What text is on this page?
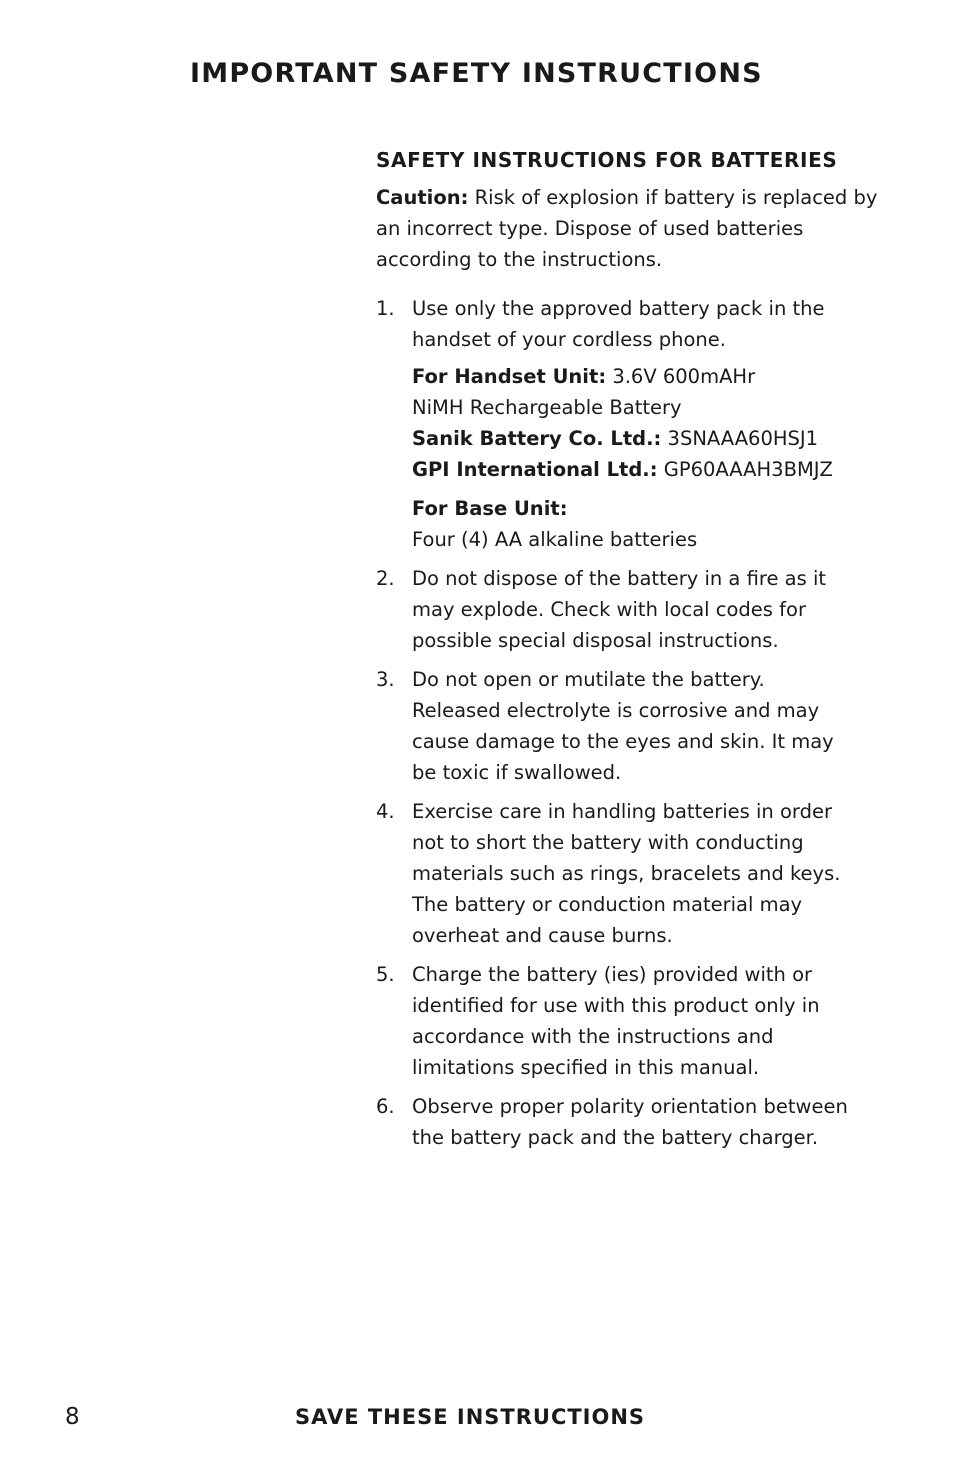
IMPORTANT SAFETY INSTRUCTIONS
SAFETY INSTRUCTIONS FOR BATTERIES

Caution: Risk of explosion if battery is replaced by
an incorrect type. Dispose of used batteries
according to the instructions.

1. Use only the approved battery pack in the
handset of your cordless phone.
For Handset Unit: 3.6V 600mAHr
NiMH Rechargeable Battery
Sanik Battery Co. Ltd.: 3SNAAA60HSJ1
GPI International Ltd.: GP60AAAH3BMJZ
For Base Unit:
Four (4) AA alkaline batteries
2. Do not dispose of the battery in a fire as it
may explode. Check with local codes for
possible special disposal instructions.
3. Do not open or mutilate the battery.
Released electrolyte is corrosive and may
cause damage to the eyes and skin. It may
be toxic if swallowed.
4. Exercise care in handling batteries in order
not to short the battery with conducting
materials such as rings, bracelets and keys.
The battery or conduction material may
overheat and cause burns.
5. Charge the battery (ies) provided with or
identified for use with this product only in
accordance with the instructions and
limitations specified in this manual.
6. Observe proper polarity orientation between
the battery pack and the battery charger.
8	SAVE THESE INSTRUCTIONS
